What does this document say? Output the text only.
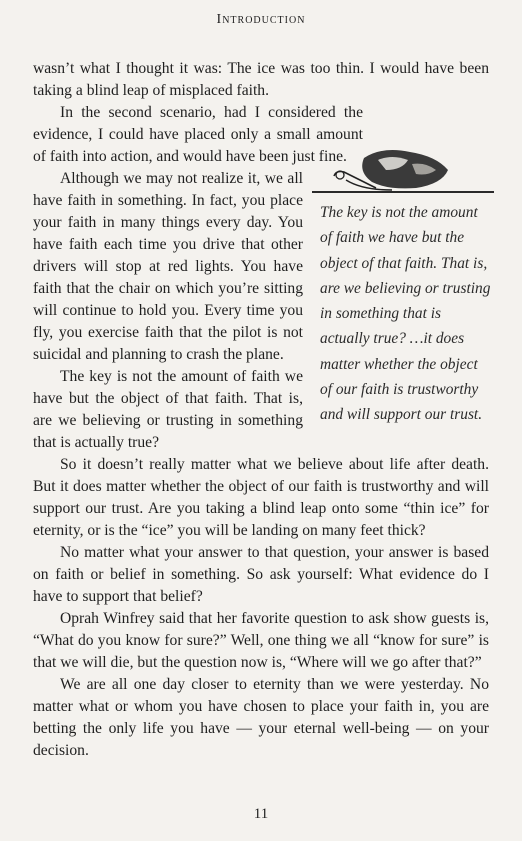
Introduction

wasn’t what I thought it was: The ice was too thin. I would have been taking a blind leap of misplaced faith.

In the second scenario, had I considered the evidence, I could have placed only a small amount of faith into action, and would have been just fine.

Although we may not realize it, we all have faith in something. In fact, you place your faith in many things every day. You have faith each time you drive that other drivers will stop at red lights. You have faith that the chair on which you’re sitting will continue to hold you. Every time you fly, you exercise faith that the pilot is not suicidal and planning to crash the plane.

The key is not the amount of faith we have but the object of that faith. That is, are we believing or trusting in something that is actually true?

So it doesn’t really matter what we believe about life after death. But it does matter whether the object of our faith is trustworthy and will support our trust. Are you taking a blind leap onto some “thin ice” for eternity, or is the “ice” you will be landing on many feet thick?

No matter what your answer to that question, your answer is based on faith or belief in something. So ask yourself: What evidence do I have to support that belief?

Oprah Winfrey said that her favorite question to ask show guests is, “What do you know for sure?” Well, one thing we all “know for sure” is that we will die, but the question now is, “Where will we go after that?”

We are all one day closer to eternity than we were yesterday. No matter what or whom you have chosen to place your faith in, you are betting the only life you have — your eternal well-being — on your decision.

The key is not the amount of faith we have but the object of that faith. That is, are we believing or trusting in something that is actually true? …it does matter whether the object of our faith is trustworthy and will support our trust.
11
